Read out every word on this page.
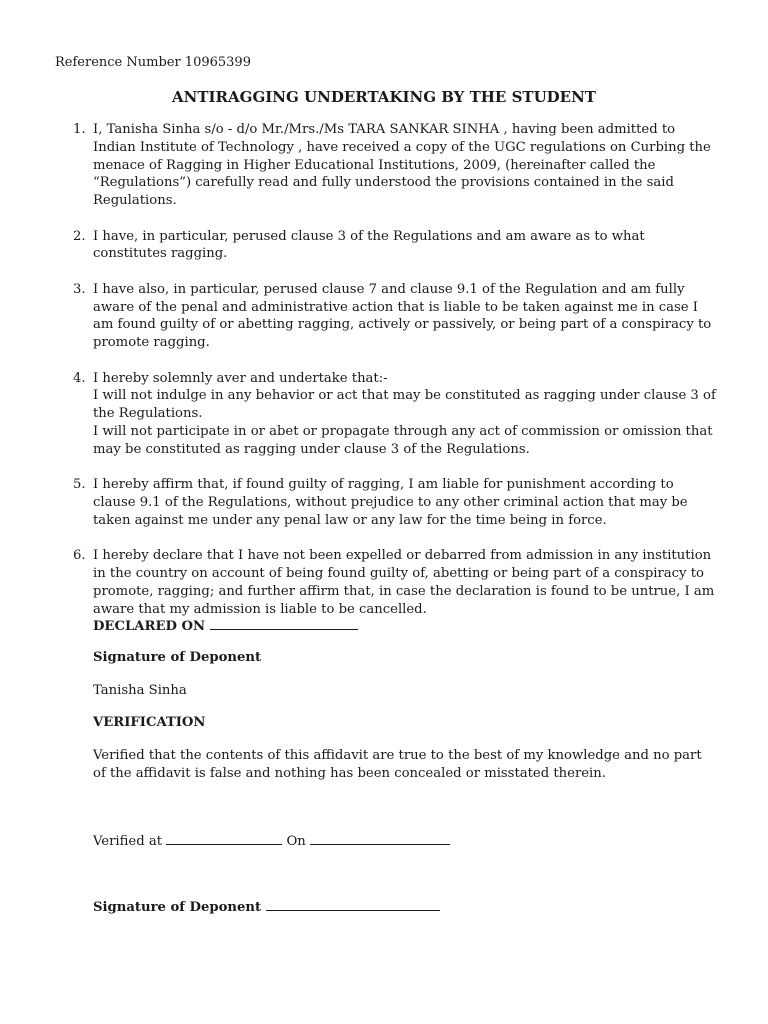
Reference Number 10965399
ANTIRAGGING UNDERTAKING BY THE STUDENT
1. I, Tanisha Sinha s/o - d/o Mr./Mrs./Ms TARA SANKAR SINHA , having been admitted to Indian Institute of Technology , have received a copy of the UGC regulations on Curbing the menace of Ragging in Higher Educational Institutions, 2009, (hereinafter called the “Regulations”) carefully read and fully understood the provisions contained in the said Regulations.

2. I have, in particular, perused clause 3 of the Regulations and am aware as to what constitutes ragging.

3. I have also, in particular, perused clause 7 and clause 9.1 of the Regulation and am fully aware of the penal and administrative action that is liable to be taken against me in case I am found guilty of or abetting ragging, actively or passively, or being part of a conspiracy to promote ragging.

4. I hereby solemnly aver and undertake that:-

I will not indulge in any behavior or act that may be constituted as ragging under clause 3 of the Regulations.

I will not participate in or abet or propagate through any act of commission or omission that may be constituted as ragging under clause 3 of the Regulations.

5. I hereby affirm that, if found guilty of ragging, I am liable for punishment according to clause 9.1 of the Regulations, without prejudice to any other criminal action that may be taken against me under any penal law or any law for the time being in force.

6. I hereby declare that I have not been expelled or debarred from admission in any institution in the country on account of being found guilty of, abetting or being part of a conspiracy to promote, ragging; and further affirm that, in case the declaration is found to be untrue, I am aware that my admission is liable to be cancelled.

DECLARED ON
Signature of Deponent
Tanisha Sinha
VERIFICATION
Verified that the contents of this affidavit are true to the best of my knowledge and no part of the affidavit is false and nothing has been concealed or misstated therein.
Verified at	On
Signature of Deponent
